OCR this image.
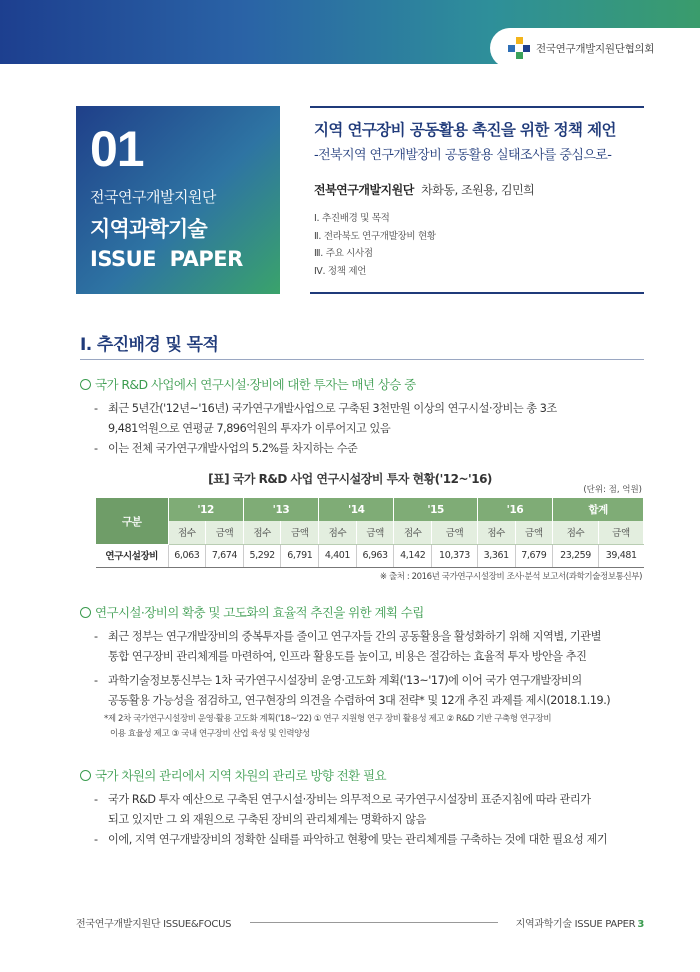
전국연구개발지원단협의회
01
전국연구개발지원단
지역과학기술
ISSUE  PAPER
지역 연구장비 공동활용 촉진을 위한 정책 제언
-전북지역 연구개발장비 공동활용 실태조사를 중심으로-
전북연구개발지원단 차화동, 조원용, 김민희
Ⅰ. 추진배경 및 목적
Ⅱ. 전라북도 연구개발장비 현황
Ⅲ. 주요 시사점
Ⅳ. 정책 제언
Ⅰ. 추진배경 및 목적
국가 R&D 사업에서 연구시설·장비에 대한 투자는 매년 상승 중
- 최근 5년간('12년~'16년) 국가연구개발사업으로 구축된 3천만원 이상의 연구시설·장비는 총 3조
9,481억원으로 연평균 7,896억원의 투자가 이루어지고 있음
- 이는 전체 국가연구개발사업의 5.2%를 차지하는 수준
[표] 국가 R&D 사업 연구시설장비 투자 현황('12~'16)
(단위: 점, 억원)
구분	'12		'13		'14		'15		'16		합계	
	점수	금액	점수	금액	점수	금액	점수	금액	점수	금액	점수	금액
연구시설장비	6,063	7,674	5,292	6,791	4,401	6,963	4,142	10,373	3,361	7,679	23,259	39,481
※ 출처 : 2016년 국가연구시설장비 조사·분석 보고서(과학기술정보통신부)
연구시설·장비의 확충 및 고도화의 효율적 추진을 위한 계획 수립
- 최근 정부는 연구개발장비의 중복투자를 줄이고 연구자들 간의 공동활용을 활성화하기 위해 지역별, 기관별
통합 연구장비 관리체계를 마련하여, 인프라 활용도를 높이고, 비용은 절감하는 효율적 투자 방안을 추진
- 과학기술정보통신부는 1차 국가연구시설장비 운영·고도화 계획('13~'17)에 이어 국가 연구개발장비의
공동활용 가능성을 점검하고, 연구현장의 의견을 수렴하여 3대 전략* 및 12개 추진 과제를 제시(2018.1.19.)
*제 2차 국가연구시설장비 운영·활용 고도화 계획('18~'22) ① 연구 지원형 연구 장비 활용성 제고 ② R&D 기반 구축형 연구장비
이용 효율성 제고 ③ 국내 연구장비 산업 육성 및 인력양성
국가 차원의 관리에서 지역 차원의 관리로 방향 전환 필요
- 국가 R&D 투자 예산으로 구축된 연구시설·장비는 의무적으로 국가연구시설장비 표준지침에 따라 관리가
되고 있지만 그 외 재원으로 구축된 장비의 관리체계는 명확하지 않음
- 이에, 지역 연구개발장비의 정확한 실태를 파악하고 현황에 맞는 관리체계를 구축하는 것에 대한 필요성 제기
전국연구개발지원단 ISSUE&FOCUS	지역과학기술 ISSUE PAPER 3
